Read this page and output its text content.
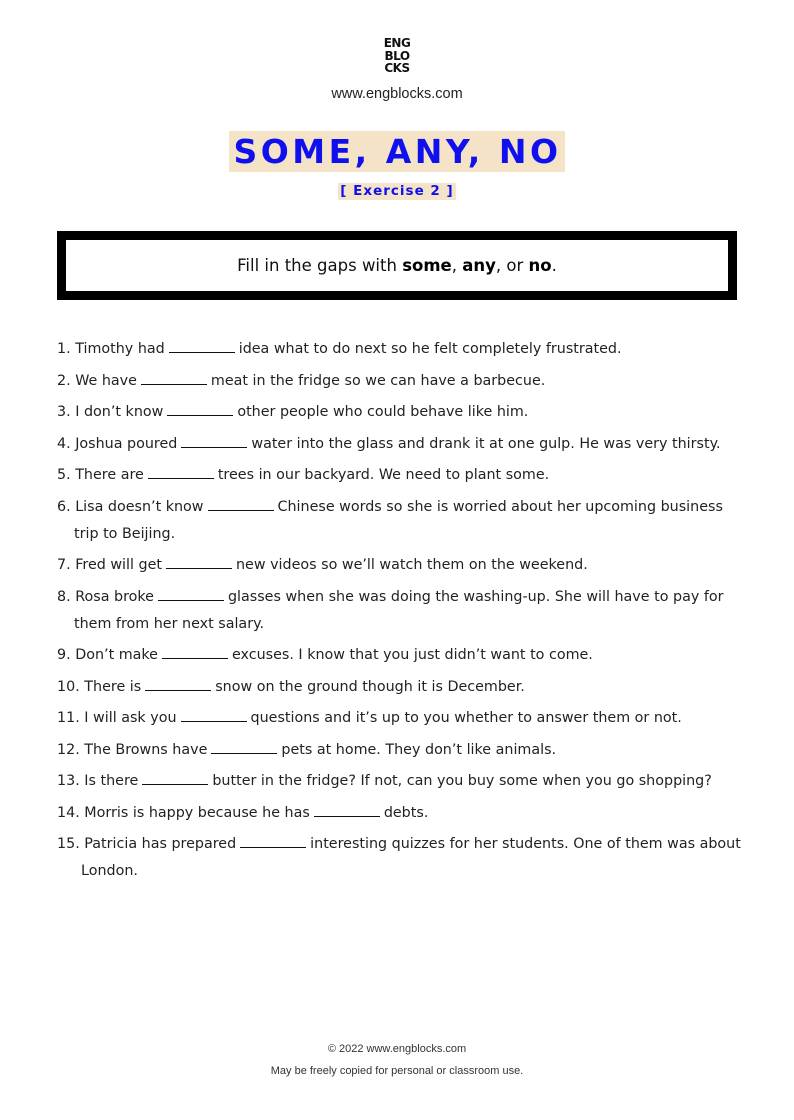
ENG
BLO
CKS
www.engblocks.com
SOME, ANY, NO
[ Exercise 2 ]
Fill in the gaps with some, any, or no.
1. Timothy had	idea what to do next so he felt completely frustrated.
2. We have	meat in the fridge so we can have a barbecue.
3. I don’t know	other people who could behave like him.
4. Joshua poured	water into the glass and drank it at one gulp. He was very thirsty.
5. There are	trees in our backyard. We need to plant some.
6. Lisa doesn’t know	Chinese words so she is worried about her upcoming business
trip to Beijing.
7. Fred will get	new videos so we’ll watch them on the weekend.
8. Rosa broke	glasses when she was doing the washing-up. She will have to pay for
them from her next salary.
9. Don’t make	excuses. I know that you just didn’t want to come.
10. There is	snow on the ground though it is December.
11. I will ask you	questions and it’s up to you whether to answer them or not.
12. The Browns have	pets at home. They don’t like animals.
13. Is there	butter in the fridge? If not, can you buy some when you go shopping?
14. Morris is happy because he has	debts.
15. Patricia has prepared	interesting quizzes for her students. One of them was about
London.
© 2022 www.engblocks.com
May be freely copied for personal or classroom use.
